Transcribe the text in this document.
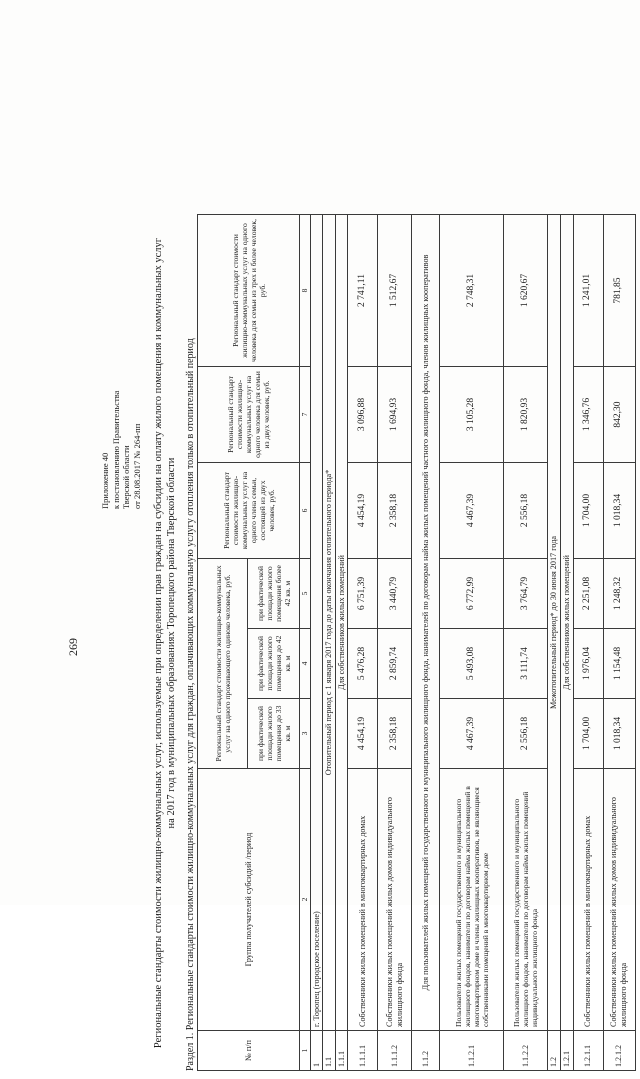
269
Приложение 40 к постановлению Правительства Тверской области от 28.08.2017 № 264-пп Региональные стандарты стоимости жилищно-коммунальных услуг, используемые при определении прав граждан на субсидии на оплату жилого помещения и коммунальных услуг на 2017 год в муниципальных образованиях Торопецкого района Тверской области Раздел 1. Региональные стандарты стоимости жилищно-коммунальных услуг для граждан, оплачивающих коммунальную услугу отопления только в отопительный период	№ п/п	Группа получателей субсидий /период	Региональный стандарт стоимости жилищно-коммунальных услуг на одного проживающего одиноко человека, руб.			Региональный стандарт стоимости жилищно-коммунальных услуг на одного члена семьи, состоящей из двух человек, руб.	Региональный стандарт стоимости жилищно-коммунальных услуг на одного человека для семьи из двух человек, руб.	Региональный стандарт стоимости жилищно-коммунальных услуг на одного человека для семьи из трех и более человек, руб.
		при фактической площади жилого помещения до 33 кв. м	при фактической площади жилого помещения до 42 кв. м	при фактической площади жилого помещения более 42 кв. м			
1	2	3	4	5	6	7	8
1	г. Торопец (городское поселение)						
1.1	Отопительный период с 1 января 2017 года до даты окончания отопительного периода*						
1.1.1	Для собственников жилых помещений						
1.1.1.1	Собственники жилых помещений в многоквартирных домах	4 454,19	5 476,28	6 751,39	4 454,19	3 096,88	2 741,11
1.1.1.2	Собственники жилых помещений жилых домов индивидуального жилищного фонда	2 358,18	2 859,74	3 440,79	2 358,18	1 694,93	1 512,67
1.1.2	Для пользователей жилых помещений государственного и муниципального жилищного фонда, нанимателей по договорам найма жилых помещений частного жилищного фонда, членов жилищных кооперативов						
1.1.2.1	Пользователи жилых помещений государственного и муниципального жилищного фондов, наниматели по договорам найма жилых помещений в многоквартирном доме и члены жилищных кооперативов, не являющиеся собственниками помещений в многоквартирном доме	4 467,39	5 493,08	6 772,99	4 467,39	3 105,28	2 748,31
1.1.2.2	Пользователи жилых помещений государственного и муниципального жилищного фондов, наниматели по договорам найма жилых помещений индивидуального жилищного фонда	2 556,18	3 111,74	3 764,79	2 556,18	1 820,93	1 620,67
1.2	Межотопительный период* до 30 июня 2017 года						
1.2.1	Для собственников жилых помещений						
1.2.1.1	Собственники жилых помещений в многоквартирных домах	1 704,00	1 976,04	2 251,08	1 704,00	1 346,76	1 241,01
1.2.1.2	Собственники жилых помещений жилых домов индивидуального жилищного фонда	1 018,34	1 154,48	1 248,32	1 018,34	842,30	781,85
